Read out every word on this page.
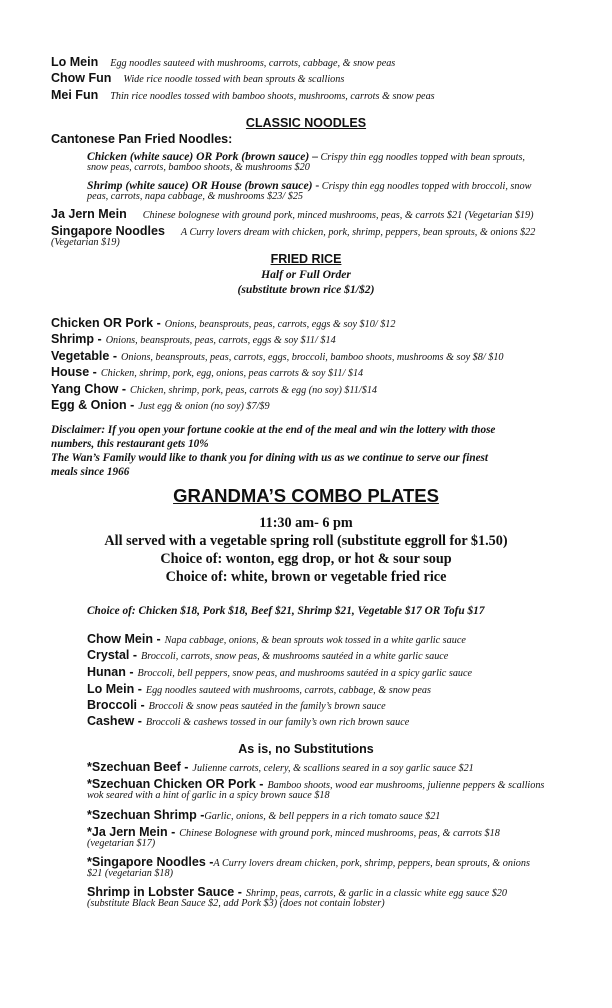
Lo Mein Egg noodles sauteed with mushrooms, carrots, cabbage, & snow peas
Chow Fun Wide rice noodle tossed with bean sprouts & scallions
Mei Fun Thin rice noodles tossed with bamboo shoots, mushrooms, carrots & snow peas
CLASSIC NOODLES
Cantonese Pan Fried Noodles:
Chicken (white sauce) OR Pork (brown sauce) – Crispy thin egg noodles topped with bean sprouts,
snow peas, carrots, bamboo shoots, & mushrooms $20
Shrimp (white sauce) OR House (brown sauce) - Crispy thin egg noodles topped with broccoli, snow
peas, carrots, napa cabbage, & mushrooms $23/ $25
Ja Jern Mein Chinese bolognese with ground pork, minced mushrooms, peas, & carrots $21 (Vegetarian $19)
Singapore Noodles A Curry lovers dream with chicken, pork, shrimp, peppers, bean sprouts, & onions $22
(Vegetarian $19)
FRIED RICE
Half or Full Order
(substitute brown rice $1/$2)
Chicken OR Pork - Onions, beansprouts, peas, carrots, eggs & soy $10/ $12
Shrimp - Onions, beansprouts, peas, carrots, eggs & soy $11/ $14
Vegetable - Onions, beansprouts, peas, carrots, eggs, broccoli, bamboo shoots, mushrooms & soy $8/ $10
House - Chicken, shrimp, pork, egg, onions, peas carrots & soy $11/ $14
Yang Chow - Chicken, shrimp, pork, peas, carrots & egg (no soy) $11/$14
Egg & Onion - Just egg & onion (no soy) $7/$9
Disclaimer: If you open your fortune cookie at the end of the meal and win the lottery with those
numbers, this restaurant gets 10%
The Wan’s Family would like to thank you for dining with us as we continue to serve our finest
meals since 1966
GRANDMA’S COMBO PLATES
11:30 am- 6 pm
All served with a vegetable spring roll (substitute eggroll for $1.50)
Choice of: wonton, egg drop, or hot & sour soup
Choice of: white, brown or vegetable fried rice
Choice of: Chicken $18, Pork $18, Beef $21, Shrimp $21, Vegetable $17 OR Tofu $17
Chow Mein - Napa cabbage, onions, & bean sprouts wok tossed in a white garlic sauce
Crystal - Broccoli, carrots, snow peas, & mushrooms sautéed in a white garlic sauce
Hunan - Broccoli, bell peppers, snow peas, and mushrooms sautéed in a spicy garlic sauce
Lo Mein - Egg noodles sauteed with mushrooms, carrots, cabbage, & snow peas
Broccoli - Broccoli & snow peas sautéed in the family’s brown sauce
Cashew - Broccoli & cashews tossed in our family’s own rich brown sauce
As is, no Substitutions
*Szechuan Beef - Julienne carrots, celery, & scallions seared in a soy garlic sauce $21
*Szechuan Chicken OR Pork - Bamboo shoots, wood ear mushrooms, julienne peppers & scallions
wok seared with a hint of garlic in a spicy brown sauce $18
*Szechuan Shrimp -Garlic, onions, & bell peppers in a rich tomato sauce $21
*Ja Jern Mein - Chinese Bolognese with ground pork, minced mushrooms, peas, & carrots $18
(vegetarian $17)
*Singapore Noodles -A Curry lovers dream chicken, pork, shrimp, peppers, bean sprouts, & onions
$21 (vegetarian $18)
Shrimp in Lobster Sauce - Shrimp, peas, carrots, & garlic in a classic white egg sauce $20
(substitute Black Bean Sauce $2, add Pork $3) (does not contain lobster)
